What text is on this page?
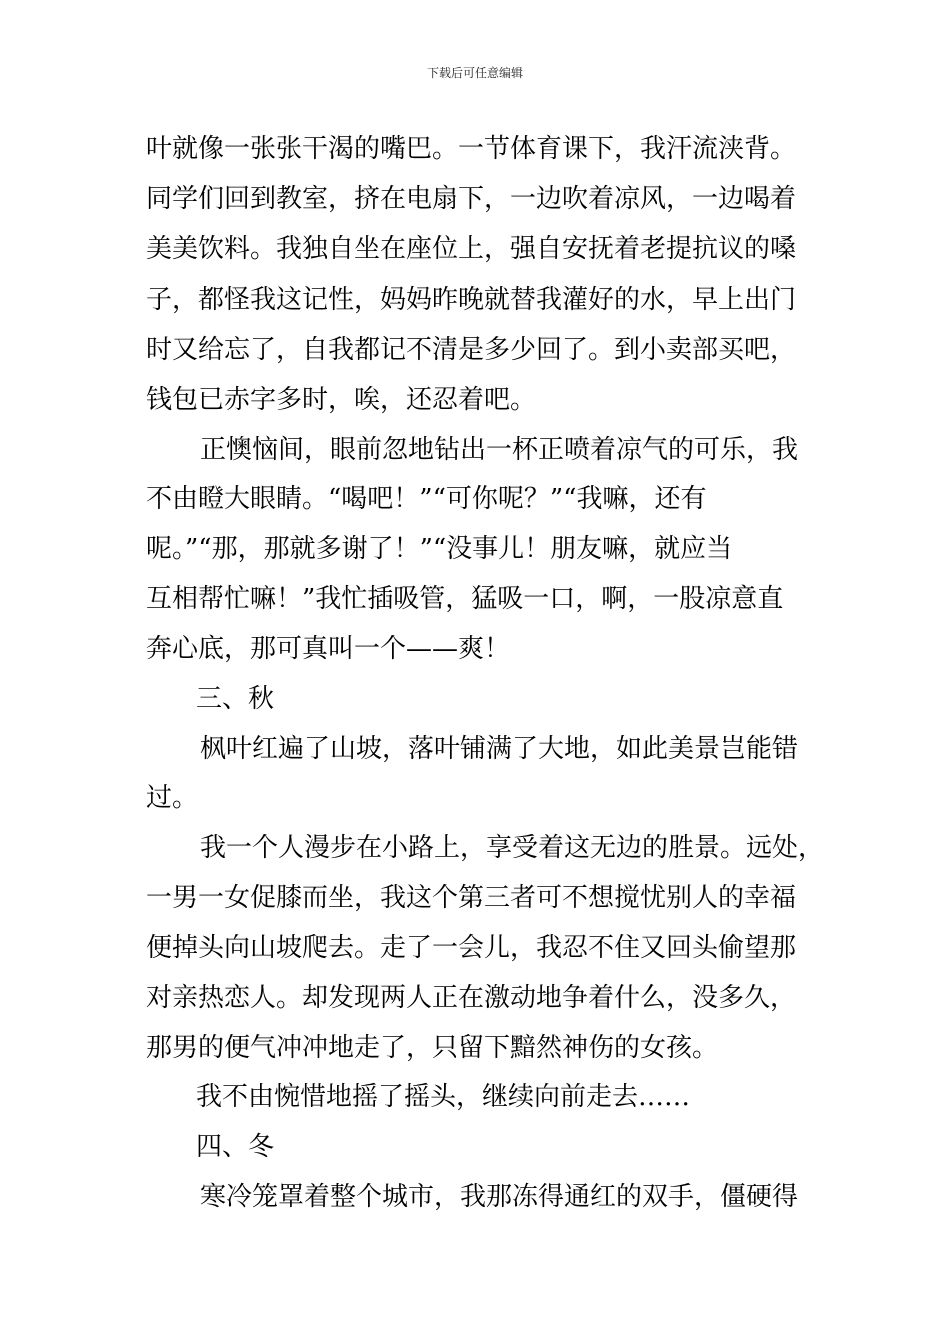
下载后可任意编辑
叶就像一张张干渴的嘴巴。一节体育课下，我汗流浃背。
同学们回到教室，挤在电扇下，一边吹着凉风，一边喝着
美美饮料。我独自坐在座位上，强自安抚着老提抗议的嗓
子，都怪我这记性，妈妈昨晚就替我灌好的水，早上出门
时又给忘了，自我都记不清是多少回了。到小卖部买吧，
钱包已赤字多时，唉，还忍着吧。
正懊恼间，眼前忽地钻出一杯正喷着凉气的可乐，我
不由瞪大眼睛。“喝吧！”“可你呢？”“我嘛，还有
呢。”“那，那就多谢了！”“没事儿！朋友嘛，就应当
互相帮忙嘛！”我忙插吸管，猛吸一口，啊，一股凉意直
奔心底，那可真叫一个——爽！
三、秋
枫叶红遍了山坡，落叶铺满了大地，如此美景岂能错
过。
我一个人漫步在小路上，享受着这无边的胜景。远处，
一男一女促膝而坐，我这个第三者可不想搅忧别人的幸福
便掉头向山坡爬去。走了一会儿，我忍不住又回头偷望那
对亲热恋人。却发现两人正在激动地争着什么，没多久，
那男的便气冲冲地走了，只留下黯然神伤的女孩。
我不由惋惜地摇了摇头，继续向前走去……
四、冬
寒冷笼罩着整个城市，我那冻得通红的双手，僵硬得
